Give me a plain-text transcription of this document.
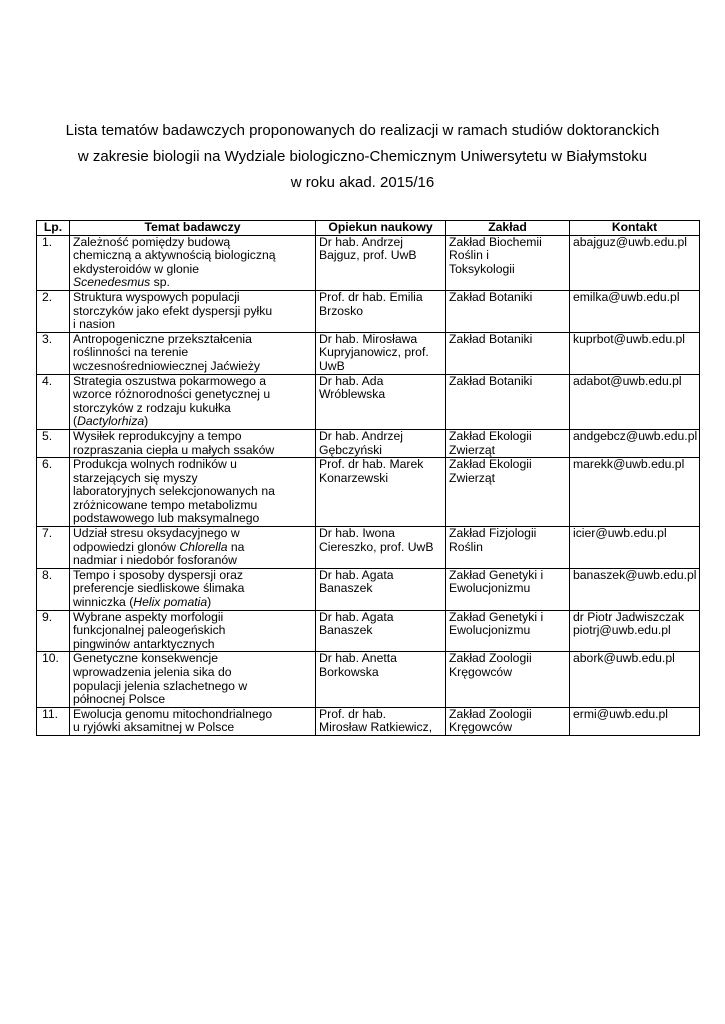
Lista tematów badawczych proponowanych do realizacji w ramach studiów doktoranckich
w zakresie biologii na Wydziale biologiczno-Chemicznym Uniwersytetu w Białymstoku
w roku akad. 2015/16
Lp.	Temat badawczy	Opiekun naukowy	Zakład	Kontakt
1.	Zależność pomiędzy budową
chemiczną a aktywnością biologiczną
ekdysteroidów w glonie
Scenedesmus sp.	Dr hab. Andrzej
Bajguz, prof. UwB	Zakład Biochemii
Roślin i
Toksykologii	abajguz@uwb.edu.pl
2.	Struktura wyspowych populacji
storczyków jako efekt dyspersji pyłku
i nasion	Prof. dr hab. Emilia
Brzosko	Zakład Botaniki	emilka@uwb.edu.pl
3.	Antropogeniczne przekształcenia
roślinności na terenie
wczesnośredniowiecznej Jaćwieży	Dr hab. Mirosława
Kupryjanowicz, prof.
UwB	Zakład Botaniki	kuprbot@uwb.edu.pl
4.	Strategia oszustwa pokarmowego a
wzorce różnorodności genetycznej u
storczyków z rodzaju kukułka
(Dactylorhiza)	Dr hab. Ada
Wróblewska	Zakład Botaniki	adabot@uwb.edu.pl
5.	Wysiłek reprodukcyjny a tempo
rozpraszania ciepła u małych ssaków	Dr hab. Andrzej
Gębczyński	Zakład Ekologii
Zwierząt	andgebcz@uwb.edu.pl
6.	Produkcja wolnych rodników u
starzejących się myszy
laboratoryjnych selekcjonowanych na
zróżnicowane tempo metabolizmu
podstawowego lub maksymalnego	Prof. dr hab. Marek
Konarzewski	Zakład Ekologii
Zwierząt	marekk@uwb.edu.pl
7.	Udział stresu oksydacyjnego w
odpowiedzi glonów Chlorella na
nadmiar i niedobór fosforanów	Dr hab. Iwona
Ciereszko, prof. UwB	Zakład Fizjologii
Roślin	icier@uwb.edu.pl
8.	Tempo i sposoby dyspersji oraz
preferencje siedliskowe ślimaka
winniczka (Helix pomatia)	Dr hab. Agata
Banaszek	Zakład Genetyki i
Ewolucjonizmu	banaszek@uwb.edu.pl
9.	Wybrane aspekty morfologii
funkcjonalnej paleogeńskich
pingwinów antarktycznych	Dr hab. Agata
Banaszek	Zakład Genetyki i
Ewolucjonizmu	dr Piotr Jadwiszczak
piotrj@uwb.edu.pl
10.	Genetyczne konsekwencje
wprowadzenia jelenia sika do
populacji jelenia szlachetnego w
północnej Polsce	Dr hab. Anetta
Borkowska	Zakład Zoologii
Kręgowców	abork@uwb.edu.pl
11.	Ewolucja genomu mitochondrialnego
u ryjówki aksamitnej w Polsce	Prof. dr hab.
Mirosław Ratkiewicz,	Zakład Zoologii
Kręgowców	ermi@uwb.edu.pl
